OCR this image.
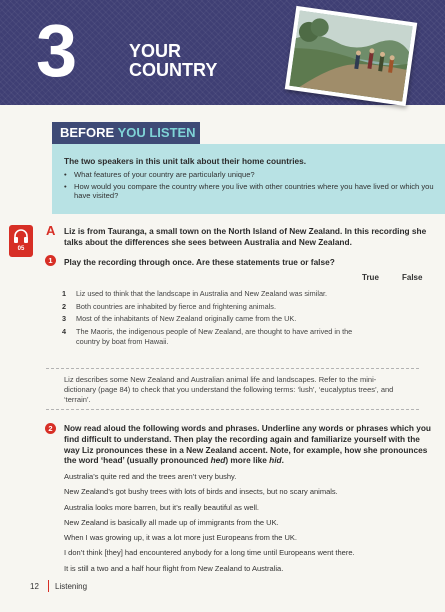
3	YOUR COUNTRY
BEFORE YOU LISTEN

The two speakers in this unit talk about their home countries.

• What features of your country are particularly unique?
• How would you compare the country where you live with other countries where you have lived or which you have visited?
05
A Liz is from Tauranga, a small town on the North Island of New Zealand. In this recording she talks about the differences she sees between Australia and New Zealand.

1	Play the recording through once. Are these statements true or false?

True	False
1 Liz used to think that the landscape in Australia and New Zealand was similar.
2 Both countries are inhabited by fierce and frightening animals.
3 Most of the inhabitants of New Zealand originally came from the UK.
4 The Maoris, the indigenous people of New Zealand, are thought to have arrived in the country by boat from Hawaii.

Liz describes some New Zealand and Australian animal life and landscapes. Refer to the mini-dictionary (page 84) to check that you understand the following terms: ‘lush’, ‘eucalyptus trees’, and ‘terrain’.

2	Now read aloud the following words and phrases. Underline any words or phrases which you find difficult to understand. Then play the recording again and familiarize yourself with the way Liz pronounces these in a New Zealand accent. Note, for example, how she pronounces the word ‘head’ (usually pronounced hed) more like hid.

Australia’s quite red and the trees aren’t very bushy.
New Zealand’s got bushy trees with lots of birds and insects, but no scary animals.
Australia looks more barren, but it’s really beautiful as well.
New Zealand is basically all made up of immigrants from the UK.
When I was growing up, it was a lot more just Europeans from the UK.
I don’t think [they] had encountered anybody for a long time until Europeans went there.
It is still a two and a half hour flight from New Zealand to Australia.
12 Listening
